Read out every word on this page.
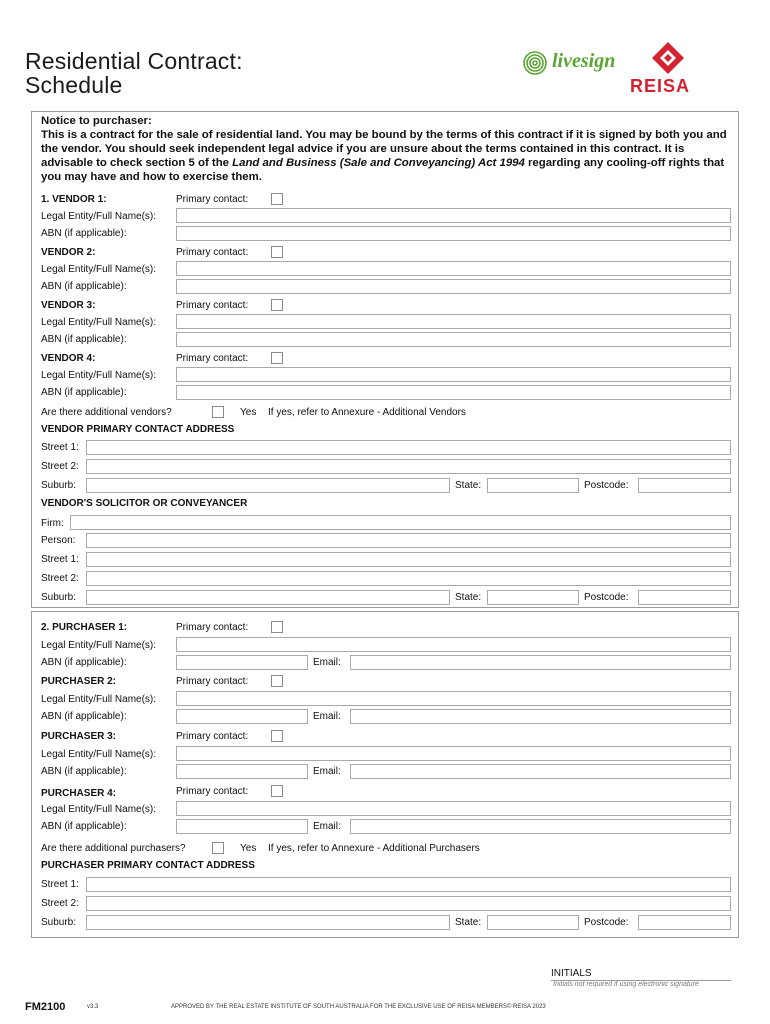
Residential Contract:
Schedule
livesign
REISA
Notice to purchaser:
This is a contract for the sale of residential land. You may be bound by the terms of this contract if it is signed by both you and the vendor. You should seek independent legal advice if you are unsure about the terms contained in this contract. It is advisable to check section 5 of the Land and Business (Sale and Conveyancing) Act 1994 regarding any cooling-off rights that you may have and how to exercise them.
1. VENDOR 1:	Primary contact:
Legal Entity/Full Name(s):
ABN (if applicable):
VENDOR 2:	Primary contact:
Legal Entity/Full Name(s):
ABN (if applicable):
VENDOR 3:	Primary contact:
Legal Entity/Full Name(s):
ABN (if applicable):
VENDOR 4:	Primary contact:
Legal Entity/Full Name(s):
ABN (if applicable):
Are there additional vendors?	Yes If yes, refer to Annexure - Additional Vendors
VENDOR PRIMARY CONTACT ADDRESS
Street 1:
Street 2:
Suburb:	State:	Postcode:
VENDOR'S SOLICITOR OR CONVEYANCER
Firm:
Person:
Street 1:
Street 2:
Suburb:	State:	Postcode:
2. PURCHASER 1:	Primary contact:
Legal Entity/Full Name(s):
ABN (if applicable):	Email:
PURCHASER 2:	Primary contact:
Legal Entity/Full Name(s):
ABN (if applicable):	Email:
PURCHASER 3:	Primary contact:
Legal Entity/Full Name(s):
ABN (if applicable):	Email:
PURCHASER 4:	Primary contact:
Legal Entity/Full Name(s):
ABN (if applicable):	Email:
Are there additional purchasers?	Yes If yes, refer to Annexure - Additional Purchasers
PURCHASER PRIMARY CONTACT ADDRESS
Street 1:
Street 2:
Suburb:	State:	Postcode:
INITIALS
Initials not required if using electronic signature
FM2100	v3.3	APPROVED BY THE REAL ESTATE INSTITUTE OF SOUTH AUSTRALIA FOR THE EXCLUSIVE USE OF REISA MEMBERS© REISA 2023
